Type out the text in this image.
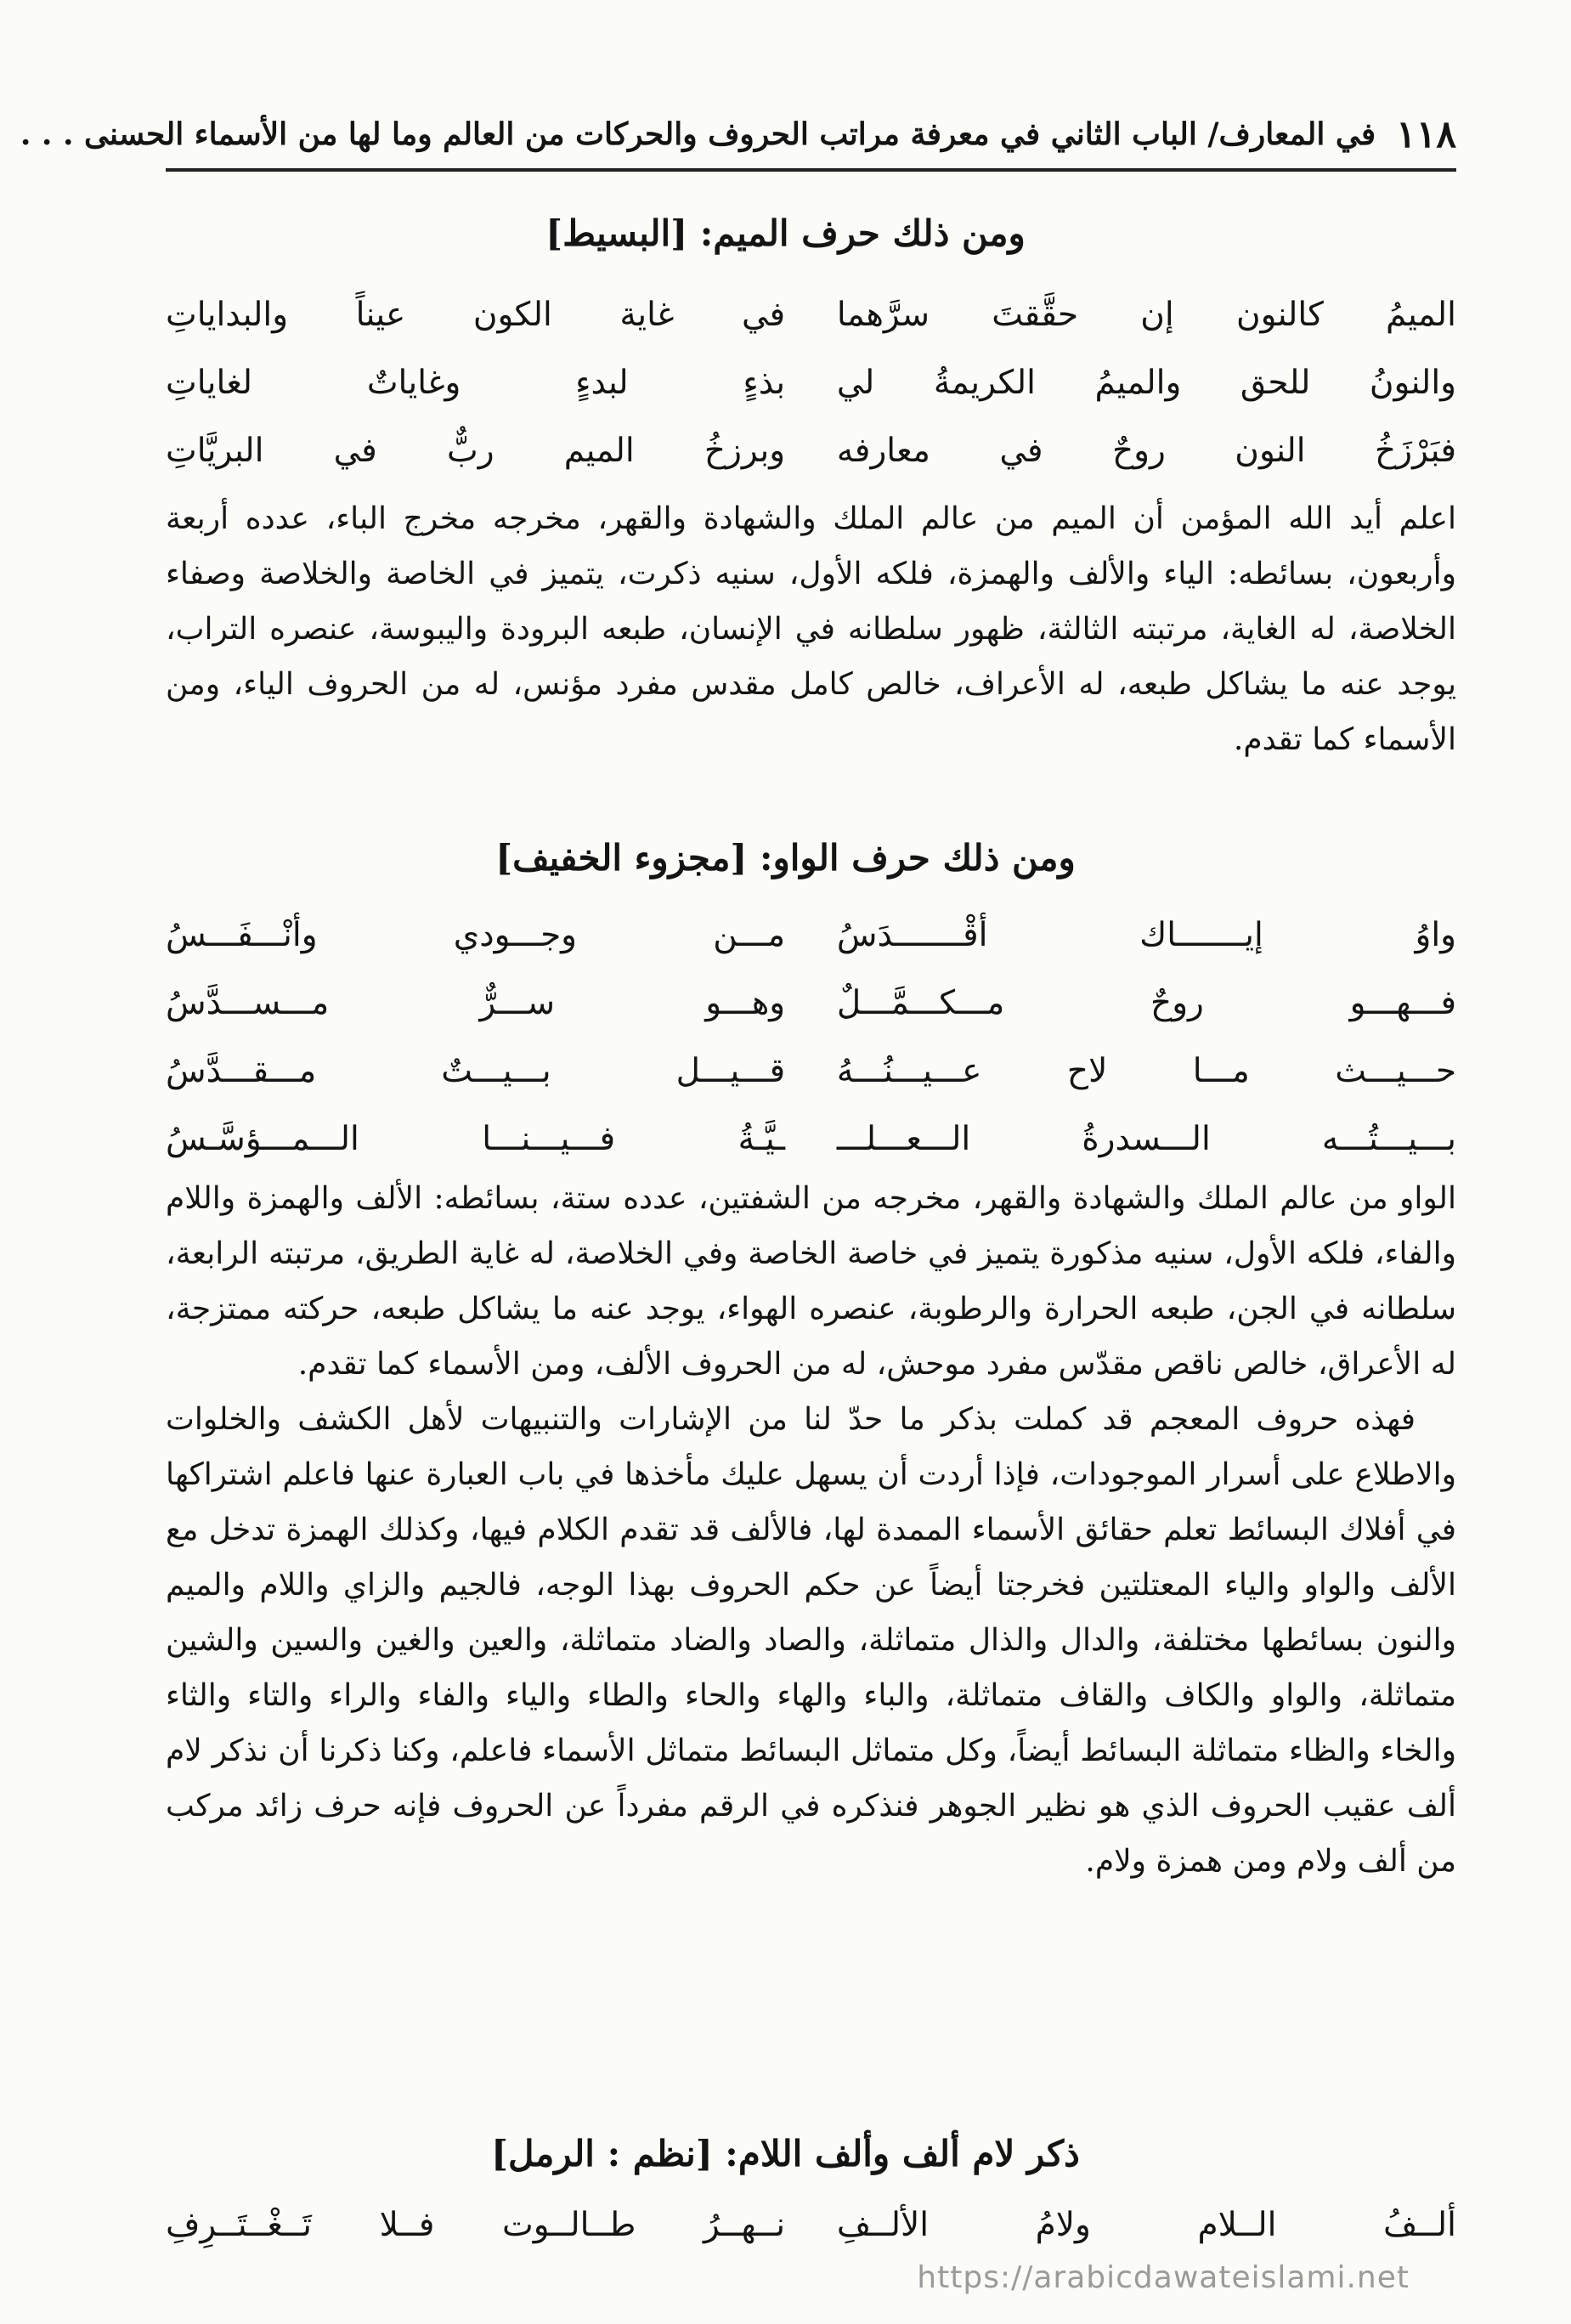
١١٨
في المعارف/ الباب الثاني في معرفة مراتب الحروف والحركات من العالم وما لها من الأسماء الحسنى . . .
ومن ذلك حرف الميم: [البسيط]
الميمُ كالنون إن حقَّقتَ سرَّهما
في غاية الكون عيناً والبداياتِ
والنونُ للحق والميمُ الكريمةُ لي
بذءٍ لبدءٍ وغاياتٌ لغاياتِ
فبَرْزَخُ النون روحٌ في معارفه
وبرزخُ الميم ربٌّ في البريَّاتِ

اعلم أيد الله المؤمن أن الميم من عالم الملك والشهادة والقهر، مخرجه مخرج الباء، عدده أربعة وأربعون، بسائطه: الياء والألف والهمزة، فلكه الأول، سنيه ذكرت، يتميز في الخاصة والخلاصة وصفاء الخلاصة، له الغاية، مرتبته الثالثة، ظهور سلطانه في الإنسان، طبعه البرودة واليبوسة، عنصره التراب، يوجد عنه ما يشاكل طبعه، له الأعراف، خالص كامل مقدس مفرد مؤنس، له من الحروف الياء، ومن الأسماء كما تقدم.

ومن ذلك حرف الواو: [مجزوء الخفيف]
واوُ إيـــــــاك أقْـــــــدَسُ
مـــن وجـــودي وأنْـــفَـــسُ
فـــهـــو روحٌ مـــكـــمَّـــلٌ
وهـــو ســـرٌّ مـــســـدَّسُ
حـــيـــث مـــا لاح عـــيـــنُـــهُ
قـــيـــل بـــيـــتٌ مـــقـــدَّسُ
بـــيـــتُـــه الـــسدرةُ الـــعـــلـــ
ـيَّـةُ فـــيـــنـــا الـــمـــؤسَّـسُ

الواو من عالم الملك والشهادة والقهر، مخرجه من الشفتين، عدده ستة، بسائطه: الألف والهمزة واللام والفاء، فلكه الأول، سنيه مذكورة يتميز في خاصة الخاصة وفي الخلاصة، له غاية الطريق، مرتبته الرابعة، سلطانه في الجن، طبعه الحرارة والرطوبة، عنصره الهواء، يوجد عنه ما يشاكل طبعه، حركته ممتزجة، له الأعراق، خالص ناقص مقدّس مفرد موحش، له من الحروف الألف، ومن الأسماء كما تقدم.

فهذه حروف المعجم قد كملت بذكر ما حدّ لنا من الإشارات والتنبيهات لأهل الكشف والخلوات والاطلاع على أسرار الموجودات، فإذا أردت أن يسهل عليك مأخذها في باب العبارة عنها فاعلم اشتراكها في أفلاك البسائط تعلم حقائق الأسماء الممدة لها، فالألف قد تقدم الكلام فيها، وكذلك الهمزة تدخل مع الألف والواو والياء المعتلتين فخرجتا أيضاً عن حكم الحروف بهذا الوجه، فالجيم والزاي واللام والميم والنون بسائطها مختلفة، والدال والذال متماثلة، والصاد والضاد متماثلة، والعين والغين والسين والشين متماثلة، والواو والكاف والقاف متماثلة، والباء والهاء والحاء والطاء والياء والفاء والراء والتاء والثاء والخاء والظاء متماثلة البسائط أيضاً، وكل متماثل البسائط متماثل الأسماء فاعلم، وكنا ذكرنا أن نذكر لام ألف عقيب الحروف الذي هو نظير الجوهر فنذكره في الرقم مفرداً عن الحروف فإنه حرف زائد مركب من ألف ولام ومن همزة ولام.

ذكر لام ألف وألف اللام: [نظم : الرمل]
ألــفُ الــلام ولامُ الألــفِ
نــهــرُ طــالــوت فــلا تَــغْــتَــرِفِ
https://arabicdawateislami.net
